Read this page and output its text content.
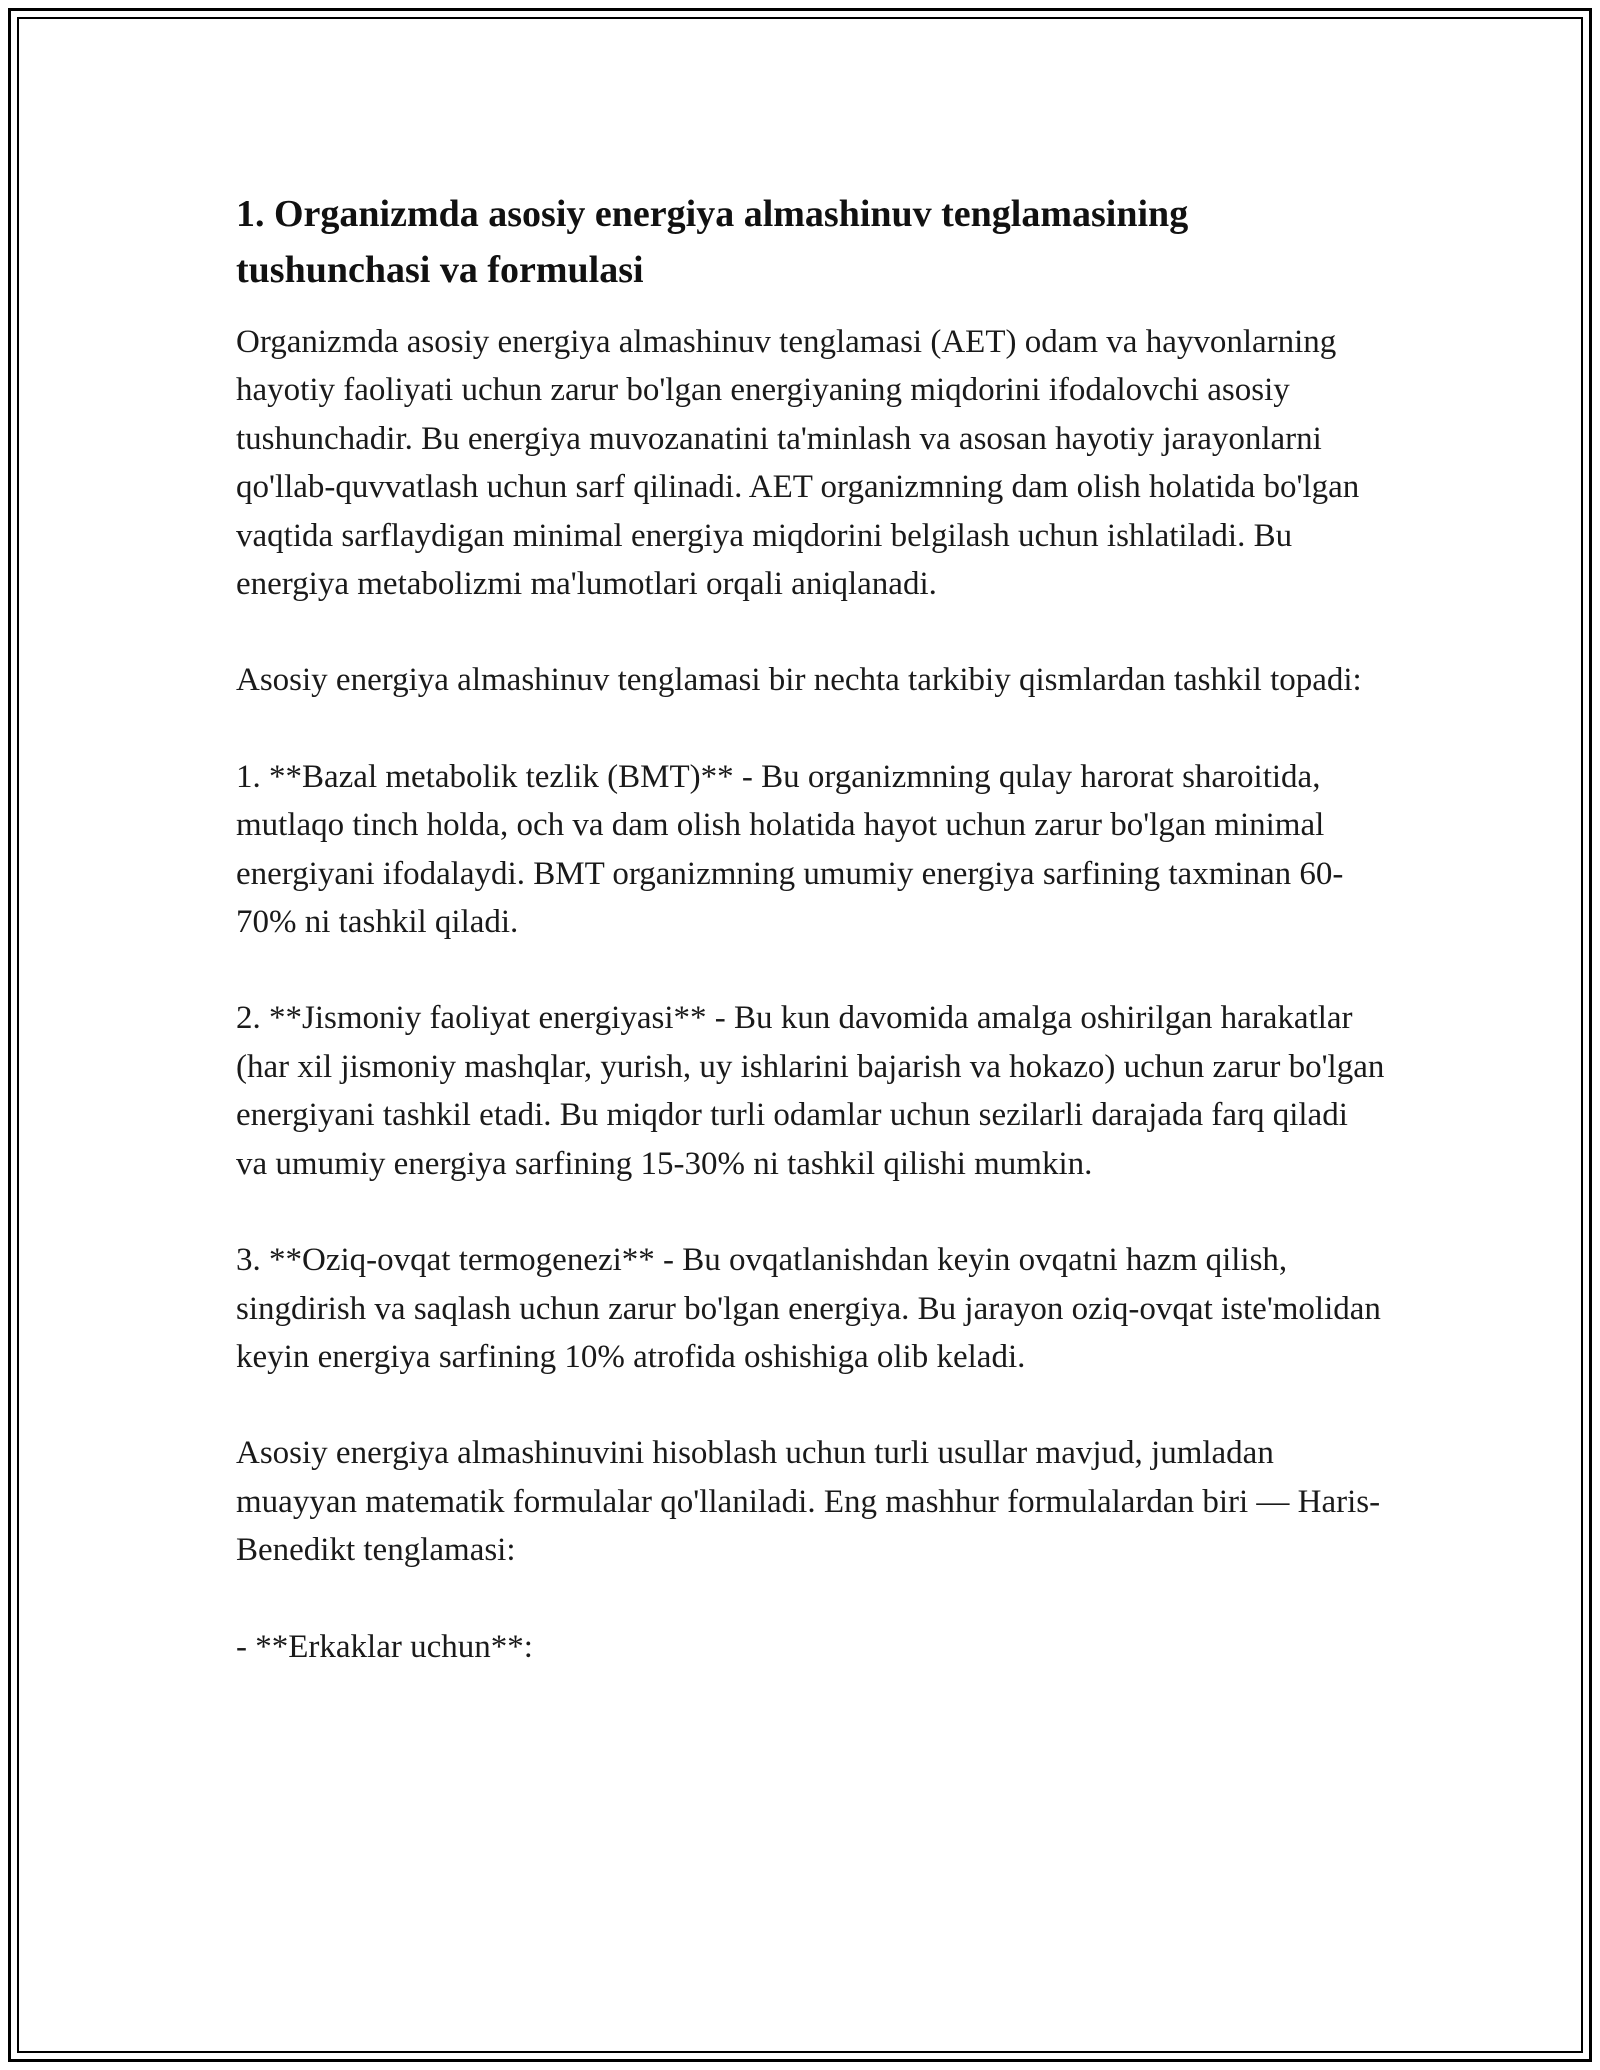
1. Organizmda asosiy energiya almashinuv tenglamasining tushunchasi va formulasi

Organizmda asosiy energiya almashinuv tenglamasi (AET) odam va hayvonlarning hayotiy faoliyati uchun zarur bo'lgan energiyaning miqdorini ifodalovchi asosiy tushunchadir. Bu energiya muvozanatini ta'minlash va asosan hayotiy jarayonlarni qo'llab-quvvatlash uchun sarf qilinadi. AET organizmning dam olish holatida bo'lgan vaqtida sarflaydigan minimal energiya miqdorini belgilash uchun ishlatiladi. Bu energiya metabolizmi ma'lumotlari orqali aniqlanadi.

Asosiy energiya almashinuv tenglamasi bir nechta tarkibiy qismlardan tashkil topadi:

1. **Bazal metabolik tezlik (BMT)** - Bu organizmning qulay harorat sharoitida, mutlaqo tinch holda, och va dam olish holatida hayot uchun zarur bo'lgan minimal energiyani ifodalaydi. BMT organizmning umumiy energiya sarfining taxminan 60-70% ni tashkil qiladi.

2. **Jismoniy faoliyat energiyasi** - Bu kun davomida amalga oshirilgan harakatlar (har xil jismoniy mashqlar, yurish, uy ishlarini bajarish va hokazo) uchun zarur bo'lgan energiyani tashkil etadi. Bu miqdor turli odamlar uchun sezilarli darajada farq qiladi va umumiy energiya sarfining 15-30% ni tashkil qilishi mumkin.

3. **Oziq-ovqat termogenezi** - Bu ovqatlanishdan keyin ovqatni hazm qilish, singdirish va saqlash uchun zarur bo'lgan energiya. Bu jarayon oziq-ovqat iste'molidan keyin energiya sarfining 10% atrofida oshishiga olib keladi.

Asosiy energiya almashinuvini hisoblash uchun turli usullar mavjud, jumladan muayyan matematik formulalar qo'llaniladi. Eng mashhur formulalardan biri — Haris-Benedikt tenglamasi:

- **Erkaklar uchun**:
